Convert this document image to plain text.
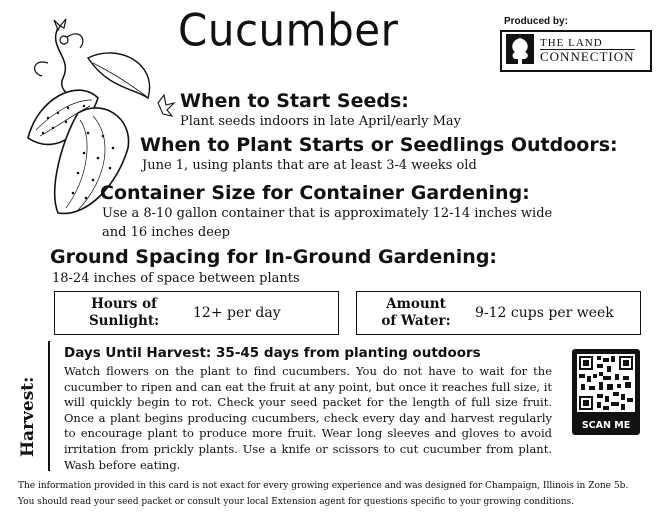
Cucumber	Produced by:
THE LAND
CONNECTION
When to Start Seeds:
Plant seeds indoors in late April/early May
When to Plant Starts or Seedlings Outdoors:
June 1, using plants that are at least 3-4 weeks old
Container Size for Container Gardening:
Use a 8-10 gallon container that is approximately 12-14 inches wide
and 16 inches deep
Ground Spacing for In-Ground Gardening:
18-24 inches of space between plants
Hours of
Sunlight:	12+ per day
Amount
of Water:	9-12 cups per week
Harvest:
Days Until Harvest: 35-45 days from planting outdoors
Watch flowers on the plant to find cucumbers. You do not have to wait for the cucumber to ripen and can eat the fruit at any point, but once it reaches full size, it will quickly begin to rot. Check your seed packet for the length of full size fruit. Once a plant begins producing cucumbers, check every day and harvest regularly to encourage plant to produce more fruit. Wear long sleeves and gloves to avoid irritation from prickly plants. Use a knife or scissors to cut cucumber from plant. Wash before eating.
SCAN ME
The information provided in this card is not exact for every growing experience and was designed for Champaign, Illinois in Zone 5b.
You should read your seed packet or consult your local Extension agent for questions specific to your growing conditions.
